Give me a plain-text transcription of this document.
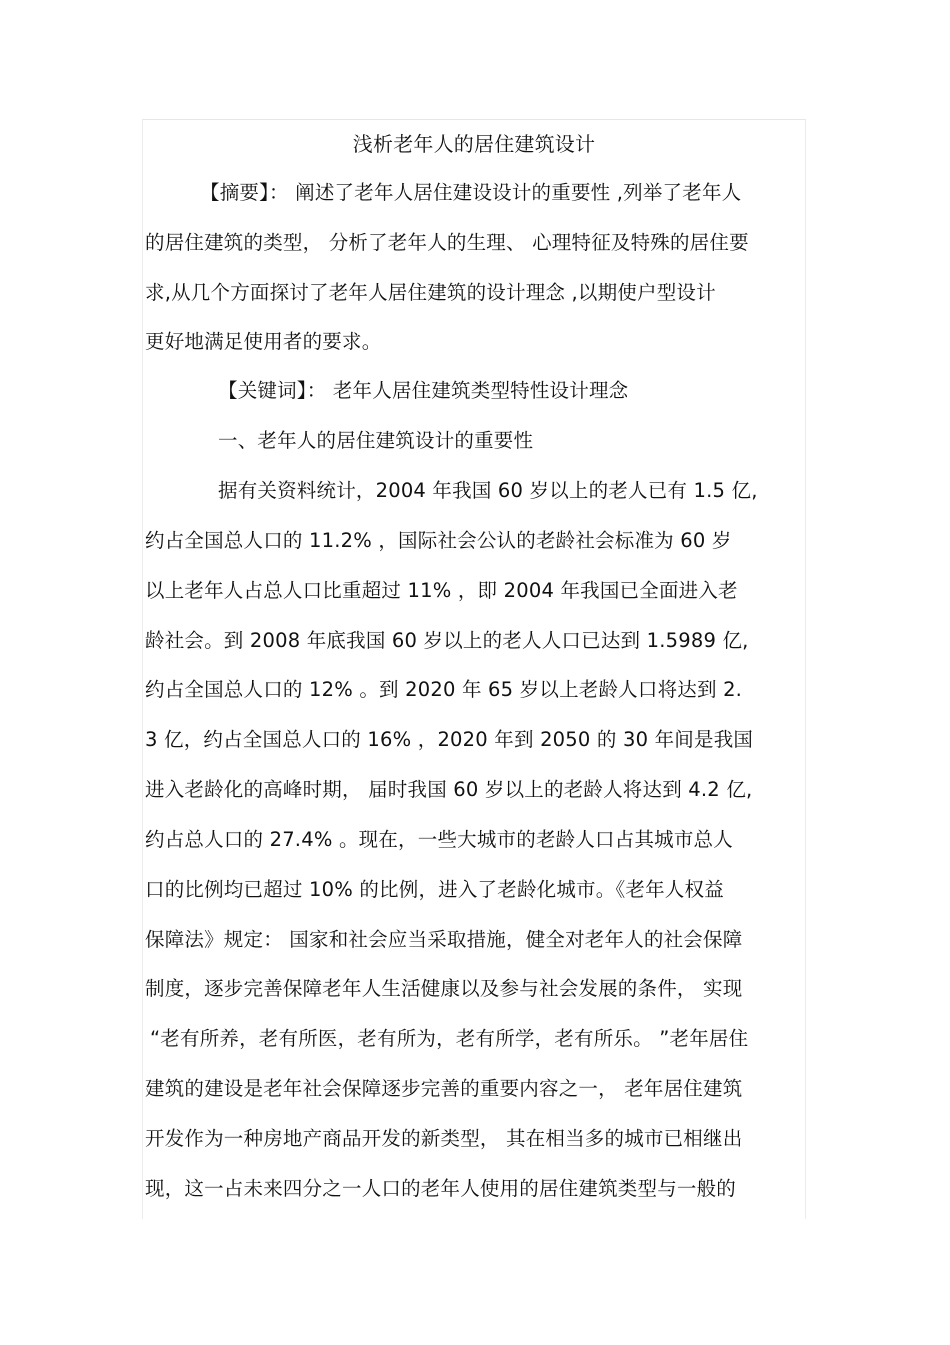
浅析老年人的居住建筑设计
【摘要】： 阐述了老年人居住建设设计的重要性 ,列举了老年人
的居住建筑的类型， 分析了老年人的生理、 心理特征及特殊的居住要
求,从几个方面探讨了老年人居住建筑的设计理念 ,以期使户型设计
更好地满足使用者的要求。
【关键词】： 老年人居住建筑类型特性设计理念
一、老年人的居住建筑设计的重要性
据有关资料统计，2004 年我国 60 岁以上的老人已有 1.5 亿,
约占全国总人口的 11.2% ，国际社会公认的老龄社会标准为 60 岁
以上老年人占总人口比重超过 11% ，即 2004 年我国已全面进入老
龄社会。到 2008 年底我国 60 岁以上的老人人口已达到 1.5989 亿,
约占全国总人口的 12% 。到 2020 年 65 岁以上老龄人口将达到 2.
3 亿，约占全国总人口的 16% ，2020 年到 2050 的 30 年间是我国
进入老龄化的高峰时期， 届时我国 60 岁以上的老龄人将达到 4.2 亿,
约占总人口的 27.4% 。现在，一些大城市的老龄人口占其城市总人
口的比例均已超过 10% 的比例，进入了老龄化城市。《老年人权益
保障法》规定： 国家和社会应当采取措施，健全对老年人的社会保障
制度，逐步完善保障老年人生活健康以及参与社会发展的条件， 实现
“老有所养，老有所医，老有所为，老有所学，老有所乐。 ”老年居住
建筑的建设是老年社会保障逐步完善的重要内容之一， 老年居住建筑
开发作为一种房地产商品开发的新类型， 其在相当多的城市已相继出
现，这一占未来四分之一人口的老年人使用的居住建筑类型与一般的
